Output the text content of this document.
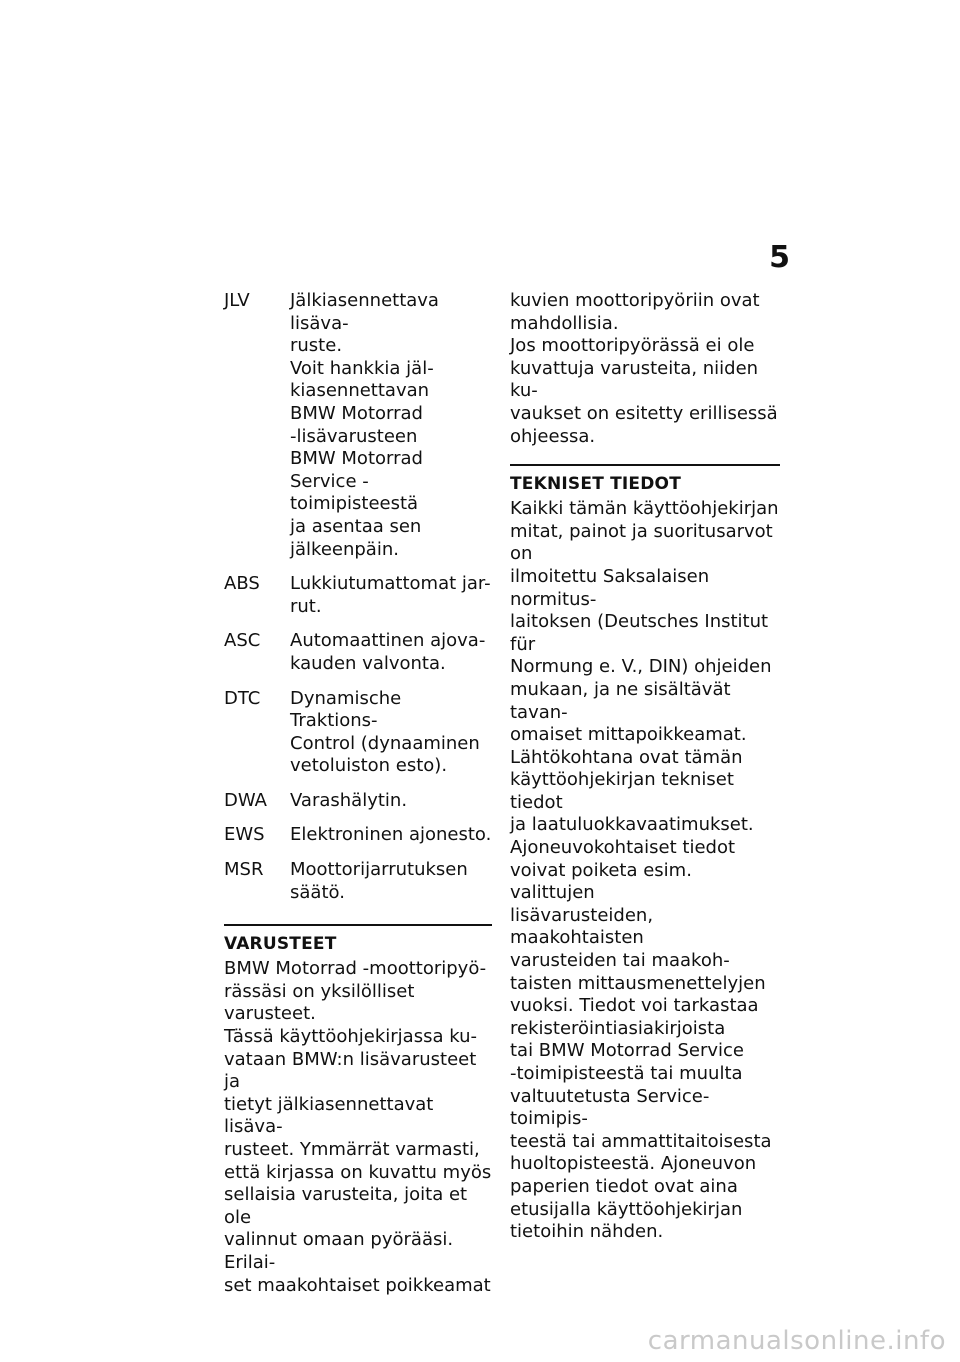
5
JLV	Jälkiasennettava lisäva-

ruste.

Voit hankkia jäl-

kiasennettavan

BMW Motorrad

-lisävarusteen

BMW Motorrad

Service -toimipisteestä

ja asentaa sen

jälkeenpäin.

ABS	Lukkiutumattomat jar-

rut.

ASC	Automaattinen ajova-

kauden valvonta.

DTC	Dynamische Traktions-

Control (dynaaminen

vetoluiston esto).

DWA	Varashälytin.

EWS	Elektroninen ajonesto.

MSR	Moottorijarrutuksen

säätö.

VARUSTEET

BMW Motorrad -moottoripyö-

rässäsi on yksilölliset varusteet.

Tässä käyttöohjekirjassa ku-

vataan BMW:n lisävarusteet ja

tietyt jälkiasennettavat lisäva-

rusteet. Ymmärrät varmasti,

että kirjassa on kuvattu myös

sellaisia varusteita, joita et ole

valinnut omaan pyörääsi. Erilai-

set maakohtaiset poikkeamat

kuvien moottoripyöriin ovat

mahdollisia.

Jos moottoripyörässä ei ole

kuvattuja varusteita, niiden ku-

vaukset on esitetty erillisessä

ohjeessa.

TEKNISET TIEDOT

Kaikki tämän käyttöohjekirjan

mitat, painot ja suoritusarvot on

ilmoitettu Saksalaisen normitus-

laitoksen (Deutsches Institut für

Normung e. V., DIN) ohjeiden

mukaan, ja ne sisältävät tavan-

omaiset mittapoikkeamat.

Lähtökohtana ovat tämän

käyttöohjekirjan tekniset tiedot

ja laatuluokkavaatimukset.

Ajoneuvokohtaiset tiedot

voivat poiketa esim. valittujen

lisävarusteiden, maakohtaisten

varusteiden tai maakoh-

taisten mittausmenettelyjen

vuoksi. Tiedot voi tarkastaa

rekisteröintiasiakirjoista

tai BMW Motorrad Service

-toimipisteestä tai muulta

valtuutetusta Service-toimipis-

teestä tai ammattitaitoisesta

huoltopisteestä. Ajoneuvon

paperien tiedot ovat aina

etusijalla käyttöohjekirjan

tietoihin nähden.

carmanualsonline.info
